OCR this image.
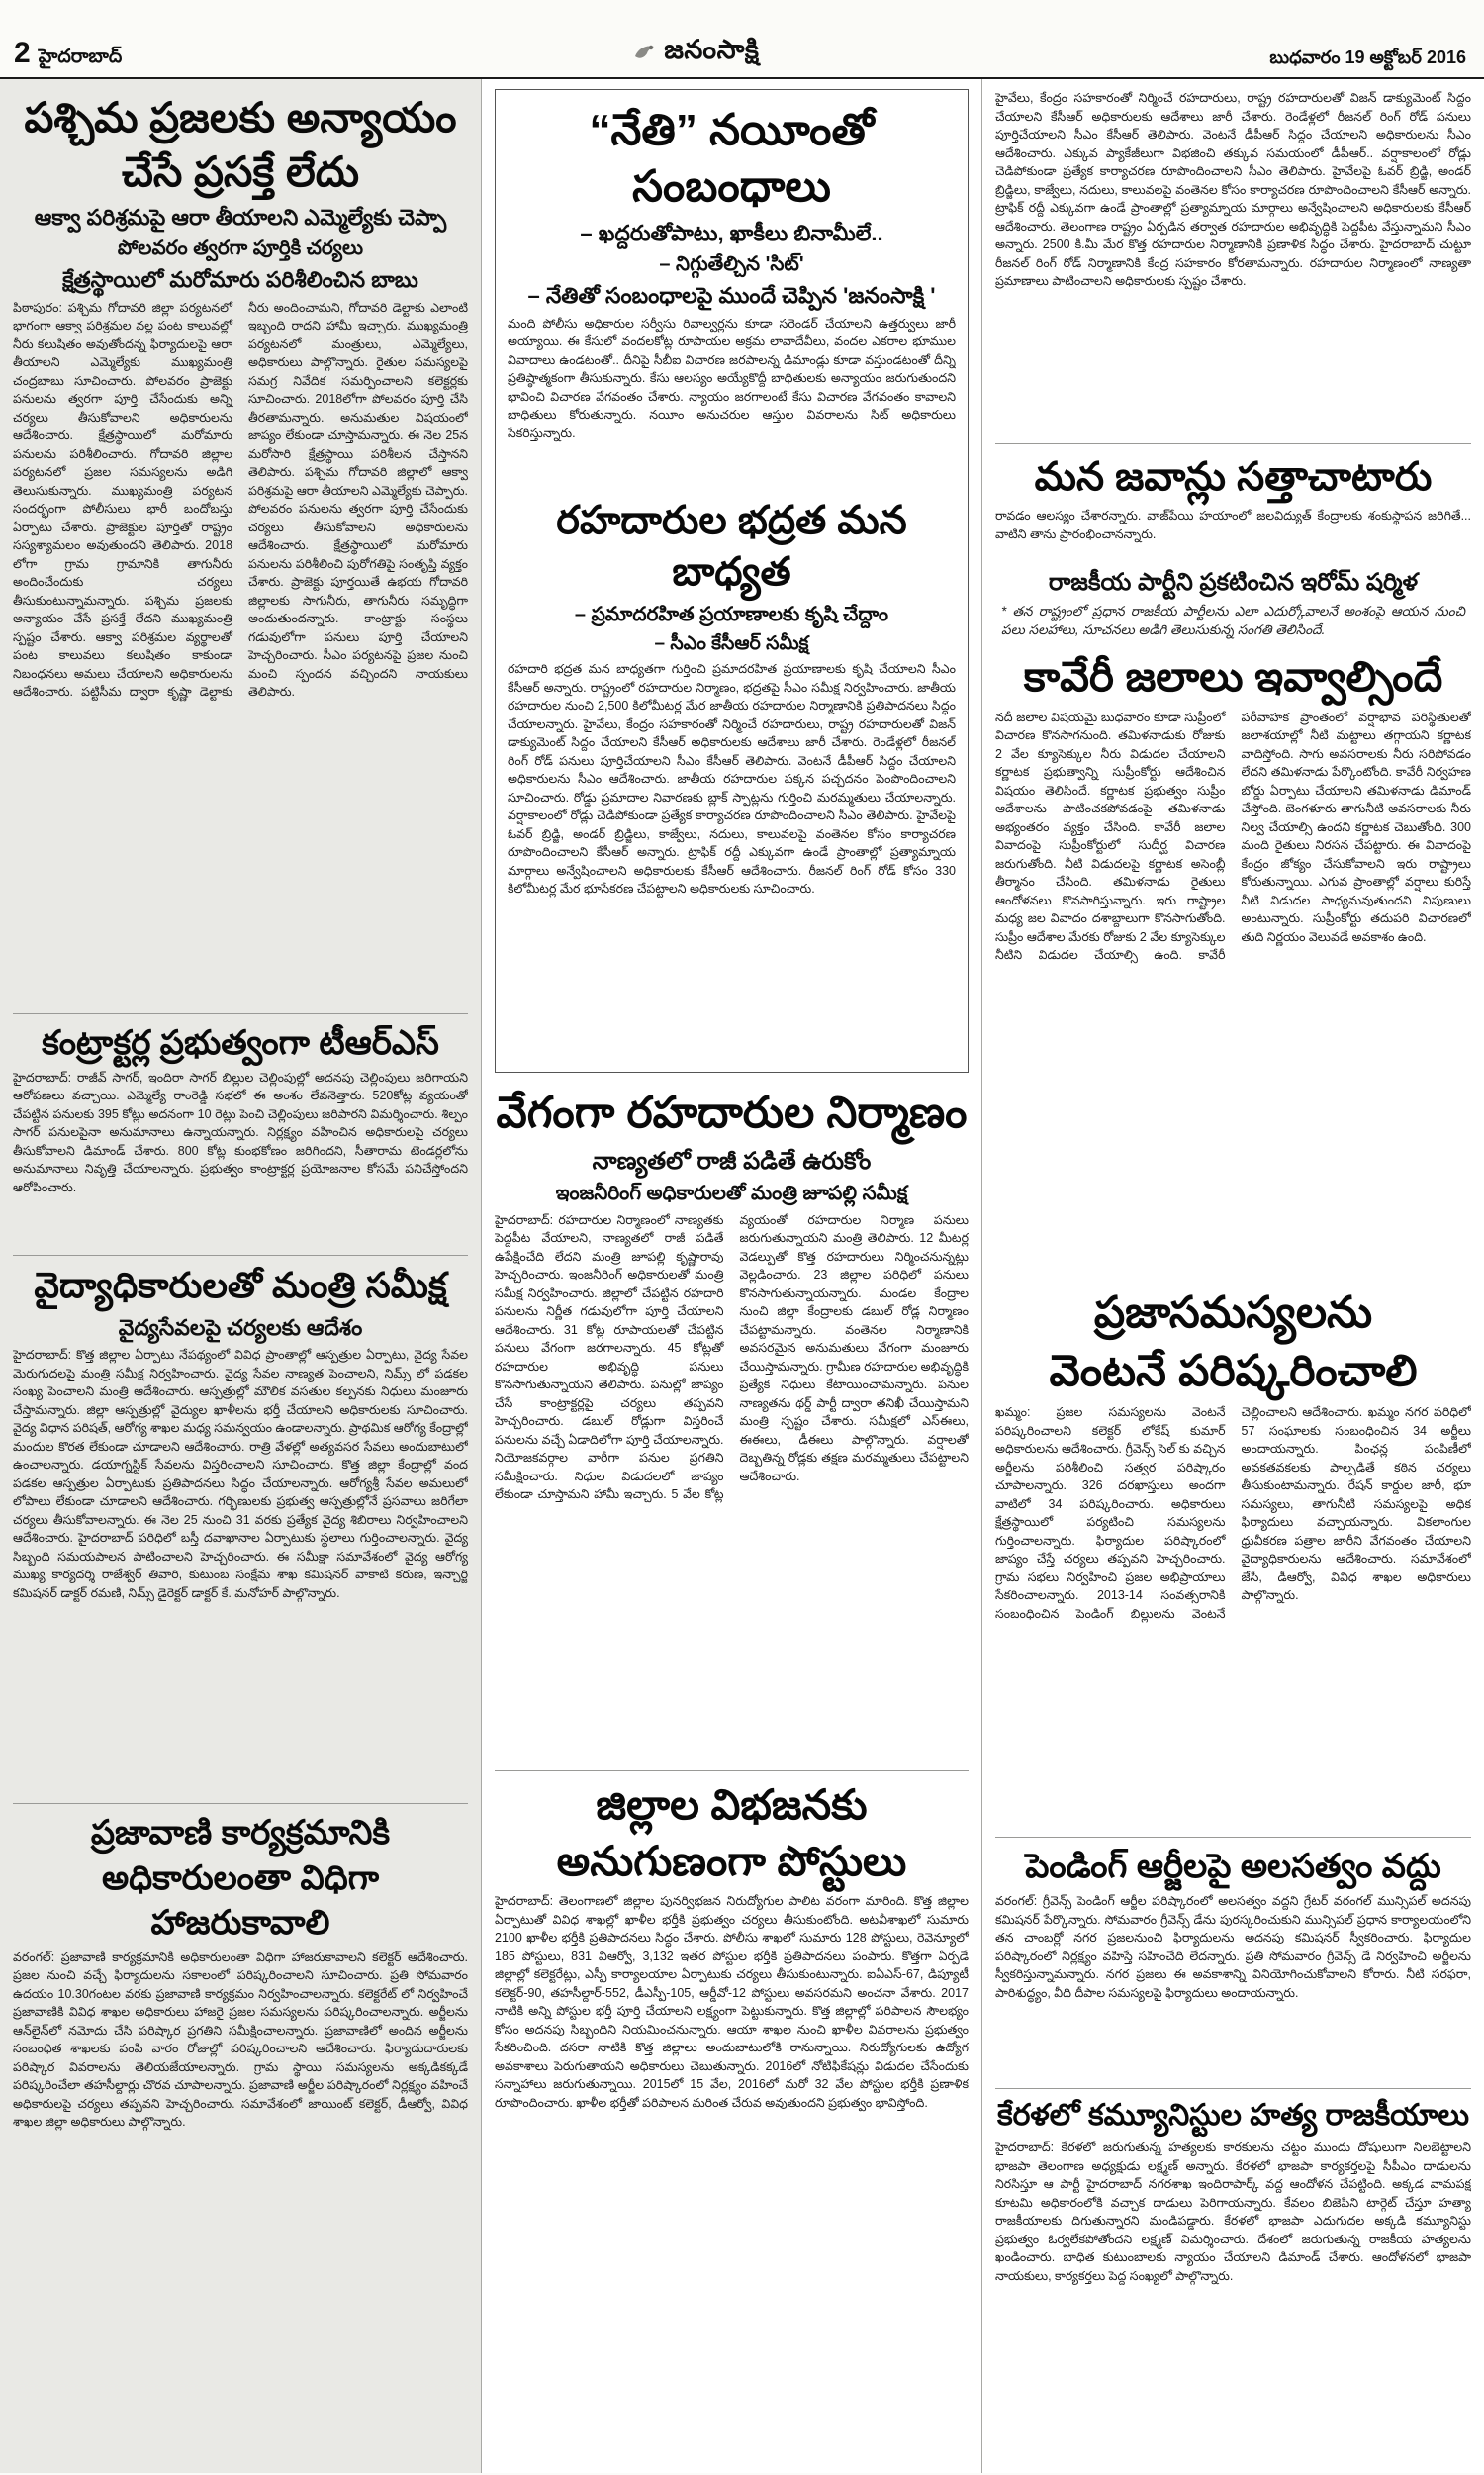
2 హైదరాబాద్	జనంసాక్షి	బుధవారం 19 అక్టోబర్ 2016
పశ్చిమ ప్రజలకు అన్యాయం చేసే ప్రసక్తే లేదు
ఆక్వా పరిశ్రమపై ఆరా తీయాలని ఎమ్మెల్యేకు చెప్పా
పోలవరం త్వరగా పూర్తికి చర్యలు
క్షేత్రస్థాయిలో మరోమారు పరిశీలించిన బాబు
పిఠాపురం: పశ్చిమ గోదావరి జిల్లా పర్యటనలో భాగంగా ఆక్వా పరిశ్రమల వల్ల పంట కాలువల్లో నీరు కలుషితం అవుతోందన్న ఫిర్యాదులపై ఆరా తీయాలని ఎమ్మెల్యేకు ముఖ్యమంత్రి చంద్రబాబు సూచించారు. పోలవరం ప్రాజెక్టు పనులను త్వరగా పూర్తి చేసేందుకు అన్ని చర్యలు తీసుకోవాలని అధికారులను ఆదేశించారు. క్షేత్రస్థాయిలో మరోమారు పనులను పరిశీలించారు. గోదావరి జిల్లాల పర్యటనలో ప్రజల సమస్యలను అడిగి తెలుసుకున్నారు. ముఖ్యమంత్రి పర్యటన సందర్భంగా పోలీసులు భారీ బందోబస్తు ఏర్పాటు చేశారు. ప్రాజెక్టుల పూర్తితో రాష్ట్రం సస్యశ్యామలం అవుతుందని తెలిపారు. 2018 లోగా గ్రామ గ్రామానికి తాగునీరు అందించేందుకు చర్యలు తీసుకుంటున్నామన్నారు. పశ్చిమ ప్రజలకు అన్యాయం చేసే ప్రసక్తే లేదని ముఖ్యమంత్రి స్పష్టం చేశారు. ఆక్వా పరిశ్రమల వ్యర్థాలతో పంట కాలువలు కలుషితం కాకుండా నిబంధనలు అమలు చేయాలని అధికారులను ఆదేశించారు. పట్టిసీమ ద్వారా కృష్ణా డెల్టాకు నీరు అందించామని, గోదావరి డెల్టాకు ఎలాంటి ఇబ్బంది రాదని హామీ ఇచ్చారు. ముఖ్యమంత్రి పర్యటనలో మంత్రులు, ఎమ్మెల్యేలు, అధికారులు పాల్గొన్నారు. రైతుల సమస్యలపై సమగ్ర నివేదిక సమర్పించాలని కలెక్టర్లకు సూచించారు. 2018లోగా పోలవరం పూర్తి చేసి తీరతామన్నారు. అనుమతుల విషయంలో జాప్యం లేకుండా చూస్తామన్నారు. ఈ నెల 25న మరోసారి క్షేత్రస్థాయి పరిశీలన చేస్తానని తెలిపారు. పశ్చిమ గోదావరి జిల్లాలో ఆక్వా పరిశ్రమపై ఆరా తీయాలని ఎమ్మెల్యేకు చెప్పారు. పోలవరం పనులను త్వరగా పూర్తి చేసేందుకు చర్యలు తీసుకోవాలని అధికారులను ఆదేశించారు. క్షేత్రస్థాయిలో మరోమారు పనులను పరిశీలించి పురోగతిపై సంతృప్తి వ్యక్తం చేశారు. ప్రాజెక్టు పూర్తయితే ఉభయ గోదావరి జిల్లాలకు సాగునీరు, తాగునీరు సమృద్ధిగా అందుతుందన్నారు. కాంట్రాక్టు సంస్థలు గడువులోగా పనులు పూర్తి చేయాలని హెచ్చరించారు. సీఎం పర్యటనపై ప్రజల నుంచి మంచి స్పందన వచ్చిందని నాయకులు తెలిపారు.
కంట్రాక్టర్ల ప్రభుత్వంగా టీఆర్ఎస్
హైదరాబాద్: రాజీవ్ సాగర్, ఇందిరా సాగర్ బిల్లుల చెల్లింపుల్లో అదనపు చెల్లింపులు జరిగాయని ఆరోపణలు వచ్చాయి. ఎమ్మెల్యే రాంరెడ్డి సభలో ఈ అంశం లేవనెత్తారు. 520కోట్ల వ్యయంతో చేపట్టిన పనులకు 395 కోట్లు అదనంగా 10 రెట్లు పెంచి చెల్లింపులు జరిపారని విమర్శించారు. శిల్పం సాగర్ పనులపైనా అనుమానాలు ఉన్నాయన్నారు. నిర్లక్ష్యం వహించిన అధికారులపై చర్యలు తీసుకోవాలని డిమాండ్ చేశారు. 800 కోట్ల కుంభకోణం జరిగిందని, సీతారామ టెండర్లలోను అనుమానాలు నివృత్తి చేయాలన్నారు. ప్రభుత్వం కాంట్రాక్టర్ల ప్రయోజనాల కోసమే పనిచేస్తోందని ఆరోపించారు.
వైద్యాధికారులతో మంత్రి సమీక్ష
వైద్యసేవలపై చర్యలకు ఆదేశం
హైదరాబాద్: కొత్త జిల్లాల ఏర్పాటు నేపథ్యంలో వివిధ ప్రాంతాల్లో ఆస్పత్రుల ఏర్పాటు, వైద్య సేవల మెరుగుదలపై మంత్రి సమీక్ష నిర్వహించారు. వైద్య సేవల నాణ్యత పెంచాలని, నిమ్స్ లో పడకల సంఖ్య పెంచాలని మంత్రి ఆదేశించారు. ఆస్పత్రుల్లో మౌలిక వసతుల కల్పనకు నిధులు మంజూరు చేస్తామన్నారు. జిల్లా ఆస్పత్రుల్లో వైద్యుల ఖాళీలను భర్తీ చేయాలని అధికారులకు సూచించారు. వైద్య విధాన పరిషత్, ఆరోగ్య శాఖల మధ్య సమన్వయం ఉండాలన్నారు. ప్రాథమిక ఆరోగ్య కేంద్రాల్లో మందుల కొరత లేకుండా చూడాలని ఆదేశించారు. రాత్రి వేళల్లో అత్యవసర సేవలు అందుబాటులో ఉంచాలన్నారు. డయాగ్నస్టిక్ సేవలను విస్తరించాలని సూచించారు. కొత్త జిల్లా కేంద్రాల్లో వంద పడకల ఆస్పత్రుల ఏర్పాటుకు ప్రతిపాదనలు సిద్ధం చేయాలన్నారు. ఆరోగ్యశ్రీ సేవల అమలులో లోపాలు లేకుండా చూడాలని ఆదేశించారు. గర్భిణులకు ప్రభుత్వ ఆస్పత్రుల్లోనే ప్రసవాలు జరిగేలా చర్యలు తీసుకోవాలన్నారు. ఈ నెల 25 నుంచి 31 వరకు ప్రత్యేక వైద్య శిబిరాలు నిర్వహించాలని ఆదేశించారు. హైదరాబాద్ పరిధిలో బస్తీ దవాఖానాల ఏర్పాటుకు స్థలాలు గుర్తించాలన్నారు. వైద్య సిబ్బంది సమయపాలన పాటించాలని హెచ్చరించారు. ఈ సమీక్షా సమావేశంలో వైద్య ఆరోగ్య ముఖ్య కార్యదర్శి రాజేశ్వర్ తివారి, కుటుంబ సంక్షేమ శాఖ కమిషనర్ వాకాటి కరుణ, ఇన్చార్జి కమిషనర్ డాక్టర్ రమణి, నిమ్స్ డైరెక్టర్ డాక్టర్ కే. మనోహర్ పాల్గొన్నారు.
ప్రజావాణి కార్యక్రమానికి
అధికారులంతా విధిగా హాజరుకావాలి
వరంగల్: ప్రజావాణి కార్యక్రమానికి అధికారులంతా విధిగా హాజరుకావాలని కలెక్టర్ ఆదేశించారు. ప్రజల నుంచి వచ్చే ఫిర్యాదులను సకాలంలో పరిష్కరించాలని సూచించారు. ప్రతి సోమవారం ఉదయం 10.30గంటల వరకు ప్రజావాణి కార్యక్రమం నిర్వహించాలన్నారు. కలెక్టరేట్ లో నిర్వహించే ప్రజావాణికి వివిధ శాఖల అధికారులు హాజరై ప్రజల సమస్యలను పరిష్కరించాలన్నారు. అర్జీలను ఆన్‌లైన్‌లో నమోదు చేసి పరిష్కార ప్రగతిని సమీక్షించాలన్నారు. ప్రజావాణిలో అందిన అర్జీలను సంబంధిత శాఖలకు పంపి వారం రోజుల్లో పరిష్కరించాలని ఆదేశించారు. ఫిర్యాదుదారులకు పరిష్కార వివరాలను తెలియజేయాలన్నారు. గ్రామ స్థాయి సమస్యలను అక్కడికక్కడే పరిష్కరించేలా తహసీల్దార్లు చొరవ చూపాలన్నారు. ప్రజావాణి అర్జీల పరిష్కారంలో నిర్లక్ష్యం వహించే అధికారులపై చర్యలు తప్పవని హెచ్చరించారు. సమావేశంలో జాయింట్ కలెక్టర్, డీఆర్వో, వివిధ శాఖల జిల్లా అధికారులు పాల్గొన్నారు.
“నేతి” నయీంతో సంబంధాలు
– ఖద్దరుతోపాటు, ఖాకీలు బినామీలే..
– నిగ్గుతేల్చిన 'సిట్'
– నేతితో సంబంధాలపై ముందే చెప్పిన 'జనంసాక్షి '
మంది పోలీసు అధికారుల సర్వీసు రివాల్వర్లను కూడా సరెండర్ చేయాలని ఉత్తర్వులు జారీ అయ్యాయి. ఈ కేసులో వందలకోట్ల రూపాయల అక్రమ లావాదేవీలు, వందల ఎకరాల భూముల వివాదాలు ఉండటంతో.. దీనిపై సీబీఐ విచారణ జరపాలన్న డిమాండ్లు కూడా వస్తుండటంతో దీన్ని ప్రతిష్ఠాత్మకంగా తీసుకున్నారు. కేసు ఆలస్యం అయ్యేకొద్దీ బాధితులకు అన్యాయం జరుగుతుందని భావించి విచారణ వేగవంతం చేశారు. న్యాయం జరగాలంటే కేసు విచారణ వేగవంతం కావాలని బాధితులు కోరుతున్నారు. నయీం అనుచరుల ఆస్తుల వివరాలను సిట్ అధికారులు సేకరిస్తున్నారు.
రహదారుల భద్రత మన బాధ్యత
– ప్రమాదరహిత ప్రయాణాలకు కృషి చేద్దాం
– సీఎం కేసీఆర్ సమీక్ష
రహదారి భద్రత మన బాధ్యతగా గుర్తించి ప్రమాదరహిత ప్రయాణాలకు కృషి చేయాలని సీఎం కేసీఆర్ అన్నారు. రాష్ట్రంలో రహదారుల నిర్మాణం, భద్రతపై సీఎం సమీక్ష నిర్వహించారు. జాతీయ రహదారుల నుంచి 2,500 కిలోమీటర్ల మేర జాతీయ రహదారుల నిర్మాణానికి ప్రతిపాదనలు సిద్ధం చేయాలన్నారు. హైవేలు, కేంద్రం సహకారంతో నిర్మించే రహదారులు, రాష్ట్ర రహదారులతో విజన్ డాక్యుమెంట్ సిద్దం చేయాలని కేసీఆర్ అధికారులకు ఆదేశాలు జారీ చేశారు. రెండేళ్లలో రీజనల్ రింగ్ రోడ్ పనులు పూర్తిచేయాలని సీఎం కేసీఆర్ తెలిపారు. వెంటనే డీపీఆర్ సిద్దం చేయాలని అధికారులను సీఎం ఆదేశించారు. జాతీయ రహదారుల పక్కన పచ్చదనం పెంపొందించాలని సూచించారు. రోడ్డు ప్రమాదాల నివారణకు బ్లాక్ స్పాట్లను గుర్తించి మరమ్మతులు చేయాలన్నారు. వర్షాకాలంలో రోడ్లు చెడిపోకుండా ప్రత్యేక కార్యాచరణ రూపొందించాలని సీఎం తెలిపారు. హైవేలపై ఓవర్ బ్రిడ్జి, అండర్ బ్రిడ్జిలు, కాజ్వేలు, నదులు, కాలువలపై వంతెనల కోసం కార్యాచరణ రూపొందించాలని కేసీఆర్ అన్నారు. ట్రాఫిక్ రద్దీ ఎక్కువగా ఉండే ప్రాంతాల్లో ప్రత్యామ్నాయ మార్గాలు అన్వేషించాలని అధికారులకు కేసీఆర్ ఆదేశించారు. రీజనల్ రింగ్ రోడ్ కోసం 330 కిలోమీటర్ల మేర భూసేకరణ చేపట్టాలని అధికారులకు సూచించారు.
వేగంగా రహదారుల నిర్మాణం
నాణ్యతలో రాజీ పడితే ఉరుకోం
ఇంజనీరింగ్ అధికారులతో మంత్రి జూపల్లి సమీక్ష
హైదరాబాద్: రహదారుల నిర్మాణంలో నాణ్యతకు పెద్దపీట వేయాలని, నాణ్యతలో రాజీ పడితే ఉపేక్షించేది లేదని మంత్రి జూపల్లి కృష్ణారావు హెచ్చరించారు. ఇంజనీరింగ్ అధికారులతో మంత్రి సమీక్ష నిర్వహించారు. జిల్లాలో చేపట్టిన రహదారి పనులను నిర్ణీత గడువులోగా పూర్తి చేయాలని ఆదేశించారు. 31 కోట్ల రూపాయలతో చేపట్టిన పనులు వేగంగా జరగాలన్నారు. 45 కోట్లతో రహదారుల అభివృద్ధి పనులు కొనసాగుతున్నాయని తెలిపారు. పనుల్లో జాప్యం చేసే కాంట్రాక్టర్లపై చర్యలు తప్పవని హెచ్చరించారు. డబుల్ రోడ్లుగా విస్తరించే పనులను వచ్చే ఏడాదిలోగా పూర్తి చేయాలన్నారు. నియోజకవర్గాల వారీగా పనుల ప్రగతిని సమీక్షించారు. నిధుల విడుదలలో జాప్యం లేకుండా చూస్తామని హామీ ఇచ్చారు. 5 వేల కోట్ల వ్యయంతో రహదారుల నిర్మాణ పనులు జరుగుతున్నాయని మంత్రి తెలిపారు. 12 మీటర్ల వెడల్పుతో కొత్త రహదారులు నిర్మించనున్నట్లు వెల్లడించారు. 23 జిల్లాల పరిధిలో పనులు కొనసాగుతున్నాయన్నారు. మండల కేంద్రాల నుంచి జిల్లా కేంద్రాలకు డబుల్ రోడ్ల నిర్మాణం చేపట్టామన్నారు. వంతెనల నిర్మాణానికి అవసరమైన అనుమతులు వేగంగా మంజూరు చేయిస్తామన్నారు. గ్రామీణ రహదారుల అభివృద్ధికి ప్రత్యేక నిధులు కేటాయించామన్నారు. పనుల నాణ్యతను థర్డ్ పార్టీ ద్వారా తనిఖీ చేయిస్తామని మంత్రి స్పష్టం చేశారు. సమీక్షలో ఎస్ఈలు, ఈఈలు, డీఈలు పాల్గొన్నారు. వర్షాలతో దెబ్బతిన్న రోడ్లకు తక్షణ మరమ్మతులు చేపట్టాలని ఆదేశించారు.
జిల్లాల విభజనకు
అనుగుణంగా పోస్టులు
హైదరాబాద్: తెలంగాణలో జిల్లాల పునర్విభజన నిరుద్యోగుల పాలిట వరంగా మారింది. కొత్త జిల్లాల ఏర్పాటుతో వివిధ శాఖల్లో ఖాళీల భర్తీకి ప్రభుత్వం చర్యలు తీసుకుంటోంది. అటవీశాఖలో సుమారు 2100 ఖాళీల భర్తీకి ప్రతిపాదనలు సిద్ధం చేశారు. పోలీసు శాఖలో సుమారు 128 పోస్టులు, రెవెన్యూలో 185 పోస్టులు, 831 విఆర్వో, 3,132 ఇతర పోస్టుల భర్తీకి ప్రతిపాదనలు పంపారు. కొత్తగా ఏర్పడే జిల్లాల్లో కలెక్టరేట్లు, ఎస్పీ కార్యాలయాల ఏర్పాటుకు చర్యలు తీసుకుంటున్నారు. ఐఏఎస్-67, డిప్యూటీ కలెక్టర్-90, తహసీల్దార్-552, డీఎస్పీ-105, ఆర్డీవో-12 పోస్టులు అవసరమని అంచనా వేశారు. 2017 నాటికి అన్ని పోస్టుల భర్తీ పూర్తి చేయాలని లక్ష్యంగా పెట్టుకున్నారు. కొత్త జిల్లాల్లో పరిపాలన సౌలభ్యం కోసం అదనపు సిబ్బందిని నియమించనున్నారు. ఆయా శాఖల నుంచి ఖాళీల వివరాలను ప్రభుత్వం సేకరించింది. దసరా నాటికి కొత్త జిల్లాలు అందుబాటులోకి రానున్నాయి. నిరుద్యోగులకు ఉద్యోగ అవకాశాలు పెరుగుతాయని అధికారులు చెబుతున్నారు. 2016లో నోటిఫికేషన్లు విడుదల చేసేందుకు సన్నాహాలు జరుగుతున్నాయి. 2015లో 15 వేల, 2016లో మరో 32 వేల పోస్టుల భర్తీకి ప్రణాళిక రూపొందించారు. ఖాళీల భర్తీతో పరిపాలన మరింత చేరువ అవుతుందని ప్రభుత్వం భావిస్తోంది.
హైవేలు, కేంద్రం సహకారంతో నిర్మించే రహదారులు, రాష్ట్ర రహదారులతో విజన్ డాక్యుమెంట్ సిద్దం చేయాలని కేసీఆర్ అధికారులకు ఆదేశాలు జారీ చేశారు. రెండేళ్లలో రీజనల్ రింగ్ రోడ్ పనులు పూర్తిచేయాలని సీఎం కేసీఆర్ తెలిపారు. వెంటనే డీపీఆర్ సిద్దం చేయాలని అధికారులను సీఎం ఆదేశించారు. ఎక్కువ ప్యాకేజీలుగా విభజించి తక్కువ సమయంలో డీపీఆర్.. వర్షాకాలంలో రోడ్లు చెడిపోకుండా ప్రత్యేక కార్యాచరణ రూపొందించాలని సీఎం తెలిపారు. హైవేలపై ఓవర్ బ్రిడ్జి, అండర్ బ్రిడ్జిలు, కాజ్వేలు, నదులు, కాలువలపై వంతెనల కోసం కార్యాచరణ రూపొందించాలని కేసీఆర్ అన్నారు. ట్రాఫిక్ రద్దీ ఎక్కువగా ఉండే ప్రాంతాల్లో ప్రత్యామ్నాయ మార్గాలు అన్వేషించాలని అధికారులకు కేసీఆర్ ఆదేశించారు. తెలంగాణ రాష్ట్రం ఏర్పడిన తర్వాత రహదారుల అభివృద్ధికి పెద్దపీట వేస్తున్నామని సీఎం అన్నారు. 2500 కి.మీ మేర కొత్త రహదారుల నిర్మాణానికి ప్రణాళిక సిద్ధం చేశారు. హైదరాబాద్ చుట్టూ రీజనల్ రింగ్ రోడ్ నిర్మాణానికి కేంద్ర సహకారం కోరతామన్నారు. రహదారుల నిర్మాణంలో నాణ్యతా ప్రమాణాలు పాటించాలని అధికారులకు స్పష్టం చేశారు.
మన జవాన్లు సత్తాచాటారు
రావడం ఆలస్యం చేశారన్నారు. వాజ్‌పేయి హయాంలో జలవిద్యుత్ కేంద్రాలకు శంకుస్థాపన జరిగితే... వాటిని తాను ప్రారంభించానన్నారు.
రాజకీయ పార్టీని ప్రకటించిన ఇరోమ్ షర్మిళ
* తన రాష్ట్రంలో ప్రధాన రాజకీయ పార్టీలను ఎలా ఎదుర్కోవాలనే అంశంపై ఆయన నుంచి పలు సలహాలు, సూచనలు అడిగి తెలుసుకున్న సంగతి తెలిసిందే.
కావేరీ జలాలు ఇవ్వాల్సిందే
నదీ జలాల విషయమై బుధవారం కూడా సుప్రీంలో విచారణ కొనసాగనుంది. తమిళనాడుకు రోజుకు 2 వేల క్యూసెక్కుల నీరు విడుదల చేయాలని కర్ణాటక ప్రభుత్వాన్ని సుప్రీంకోర్టు ఆదేశించిన విషయం తెలిసిందే. కర్ణాటక ప్రభుత్వం సుప్రీం ఆదేశాలను పాటించకపోవడంపై తమిళనాడు అభ్యంతరం వ్యక్తం చేసింది. కావేరీ జలాల వివాదంపై సుప్రీంకోర్టులో సుదీర్ఘ విచారణ జరుగుతోంది. నీటి విడుదలపై కర్ణాటక అసెంబ్లీ తీర్మానం చేసింది. తమిళనాడు రైతులు ఆందోళనలు కొనసాగిస్తున్నారు. ఇరు రాష్ట్రాల మధ్య జల వివాదం దశాబ్దాలుగా కొనసాగుతోంది. సుప్రీం ఆదేశాల మేరకు రోజుకు 2 వేల క్యూసెక్కుల నీటిని విడుదల చేయాల్సి ఉంది. కావేరీ పరీవాహక ప్రాంతంలో వర్షాభావ పరిస్థితులతో జలాశయాల్లో నీటి మట్టాలు తగ్గాయని కర్ణాటక వాదిస్తోంది. సాగు అవసరాలకు నీరు సరిపోవడం లేదని తమిళనాడు పేర్కొంటోంది. కావేరీ నిర్వహణ బోర్డు ఏర్పాటు చేయాలని తమిళనాడు డిమాండ్ చేస్తోంది. బెంగళూరు తాగునీటి అవసరాలకు నీరు నిల్వ చేయాల్సి ఉందని కర్ణాటక చెబుతోంది. 300 మంది రైతులు నిరసన చేపట్టారు. ఈ వివాదంపై కేంద్రం జోక్యం చేసుకోవాలని ఇరు రాష్ట్రాలు కోరుతున్నాయి. ఎగువ ప్రాంతాల్లో వర్షాలు కురిస్తే నీటి విడుదల సాధ్యమవుతుందని నిపుణులు అంటున్నారు. సుప్రీంకోర్టు తదుపరి విచారణలో తుది నిర్ణయం వెలువడే అవకాశం ఉంది.
ప్రజాసమస్యలను
వెంటనే పరిష్కరించాలి
ఖమ్మం: ప్రజల సమస్యలను వెంటనే పరిష్కరించాలని కలెక్టర్ లోకేష్ కుమార్ అధికారులను ఆదేశించారు. గ్రీవెన్స్ సెల్ కు వచ్చిన అర్జీలను పరిశీలించి సత్వర పరిష్కారం చూపాలన్నారు. 326 దరఖాస్తులు అందగా వాటిలో 34 పరిష్కరించారు. అధికారులు క్షేత్రస్థాయిలో పర్యటించి సమస్యలను గుర్తించాలన్నారు. ఫిర్యాదుల పరిష్కారంలో జాప్యం చేస్తే చర్యలు తప్పవని హెచ్చరించారు. గ్రామ సభలు నిర్వహించి ప్రజల అభిప్రాయాలు సేకరించాలన్నారు. 2013-14 సంవత్సరానికి సంబంధించిన పెండింగ్ బిల్లులను వెంటనే చెల్లించాలని ఆదేశించారు. ఖమ్మం నగర పరిధిలో 57 సంఘాలకు సంబంధించిన 34 అర్జీలు అందాయన్నారు. పింఛన్ల పంపిణీలో అవకతవకలకు పాల్పడితే కఠిన చర్యలు తీసుకుంటామన్నారు. రేషన్ కార్డుల జారీ, భూ సమస్యలు, తాగునీటి సమస్యలపై అధిక ఫిర్యాదులు వచ్చాయన్నారు. వికలాంగుల ధ్రువీకరణ పత్రాల జారీని వేగవంతం చేయాలని వైద్యాధికారులను ఆదేశించారు. సమావేశంలో జేసీ, డీఆర్వో, వివిధ శాఖల అధికారులు పాల్గొన్నారు.
పెండింగ్ ఆర్జీలపై అలసత్వం వద్దు
వరంగల్: గ్రీవెన్స్ పెండింగ్ ఆర్జీల పరిష్కారంలో అలసత్వం వద్దని గ్రేటర్ వరంగల్ మున్సిపల్ అదనపు కమిషనర్ పేర్కొన్నారు. సోమవారం గ్రీవెన్స్ డేను పురస్కరించుకుని మున్సిపల్ ప్రధాన కార్యాలయంలోని తన చాంబర్లో నగర ప్రజలనుంచి ఫిర్యాదులను అదనపు కమిషనర్ స్వీకరించారు. ఫిర్యాదుల పరిష్కారంలో నిర్లక్ష్యం వహిస్తే సహించేది లేదన్నారు. ప్రతి సోమవారం గ్రీవెన్స్ డే నిర్వహించి అర్జీలను స్వీకరిస్తున్నామన్నారు. నగర ప్రజలు ఈ అవకాశాన్ని వినియోగించుకోవాలని కోరారు. నీటి సరఫరా, పారిశుద్ధ్యం, వీధి దీపాల సమస్యలపై ఫిర్యాదులు అందాయన్నారు.
కేరళలో కమ్యూనిస్టుల హత్య రాజకీయాలు
హైదరాబాద్: కేరళలో జరుగుతున్న హత్యలకు కారకులను చట్టం ముందు దోషులుగా నిలబెట్టాలని భాజపా తెలంగాణ అధ్యక్షుడు లక్ష్మణ్ అన్నారు. కేరళలో భాజపా కార్యకర్తలపై సీపీఎం దాడులను నిరసిస్తూ ఆ పార్టీ హైదరాబాద్ నగరశాఖ ఇందిరాపార్క్ వద్ద ఆందోళన చేపట్టింది. అక్కడ వామపక్ష కూటమి అధికారంలోకి వచ్చాక దాడులు పెరిగాయన్నారు. కేవలం బిజెపిని టార్గెట్ చేస్తూ హత్యా రాజకీయాలకు దిగుతున్నారని మండిపడ్డారు. కేరళలో భాజపా ఎదుగుదల అక్కడి కమ్యూనిస్టు ప్రభుత్వం ఓర్వలేకపోతోందని లక్ష్మణ్ విమర్శించారు. దేశంలో జరుగుతున్న రాజకీయ హత్యలను ఖండించారు. బాధిత కుటుంబాలకు న్యాయం చేయాలని డిమాండ్ చేశారు. ఆందోళనలో భాజపా నాయకులు, కార్యకర్తలు పెద్ద సంఖ్యలో పాల్గొన్నారు.
